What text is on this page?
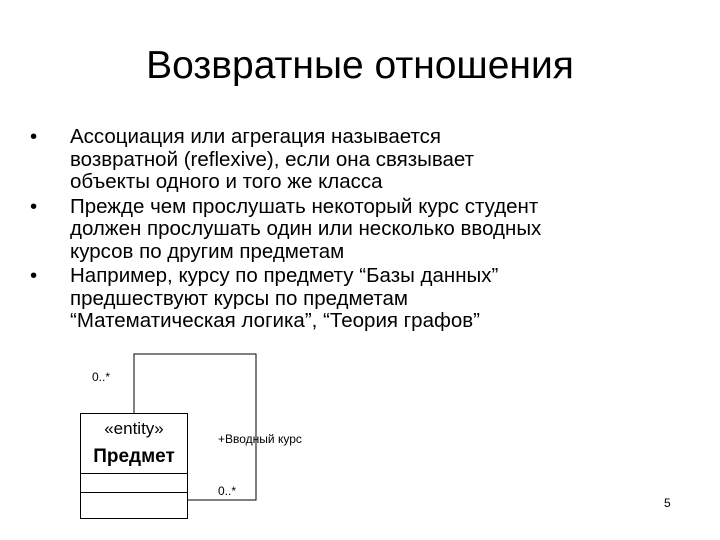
Возвратные отношения
• Ассоциация или агрегация называется
возвратной (reflexive), если она связывает
объекты одного и того же класса
• Прежде чем прослушать некоторый курс студент
должен прослушать один или несколько вводных
курсов по другим предметам
• Например, курсу по предмету “Базы данных”
предшествуют курсы по предметам
“Математическая логика”, “Теория графов”
0..*
+Вводный курс
0..*
«entity»
Предмет
5
